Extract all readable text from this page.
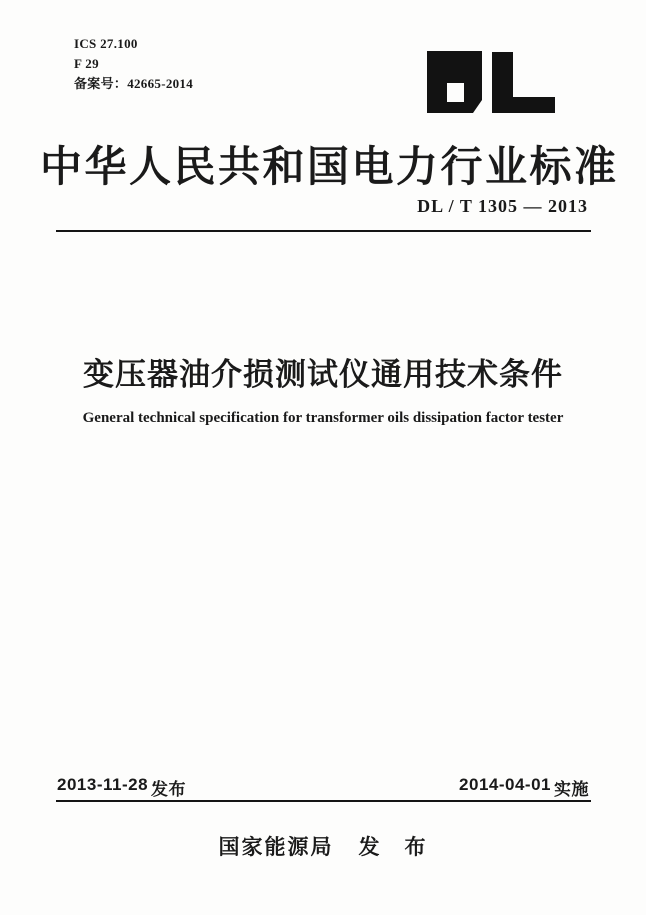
ICS 27.100
F 29
备案号：42665-2014
中华人民共和国电力行业标准
DL / T 1305 — 2013
变压器油介损测试仪通用技术条件
General technical specification for transformer oils dissipation factor tester
2013-11-28 发布	2014-04-01 实施
国家能源局 发　布
